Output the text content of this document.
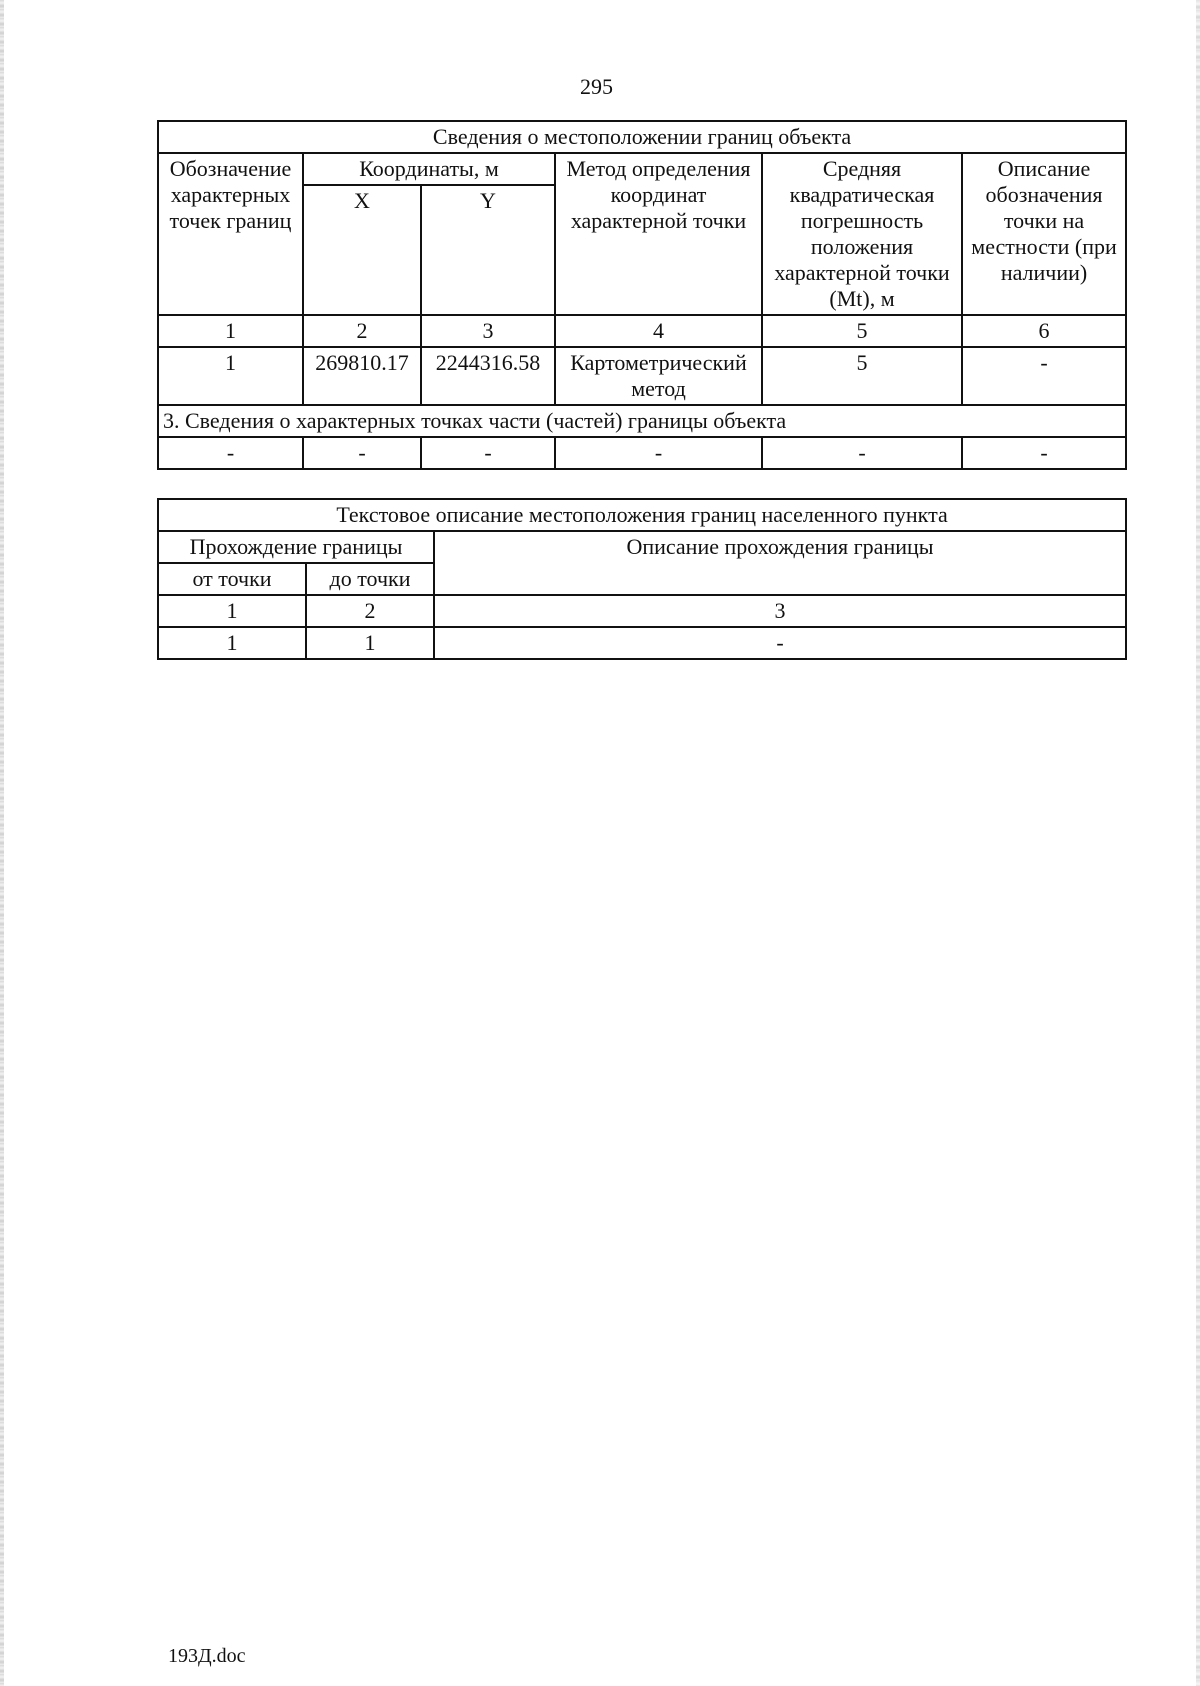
295
Сведения о местоположении границ объекта					
Обозначение характерных точек границ	Координаты, м		Метод определения координат характерной точки	Средняя квадратическая погрешность положения характерной точки (Mt), м	Описание обозначения точки на местности (при наличии)
	X	Y			
1	2	3	4	5	6
1	269810.17	2244316.58	Картометрический метод	5	-
3. Сведения о характерных точках части (частей) границы объекта					
-	-	-	-	-	-
Текстовое описание местоположения границ населенного пункта		
Прохождение границы		Описание прохождения границы
от точки	до точки	
1	2	3
1	1	-
193Д.doc
